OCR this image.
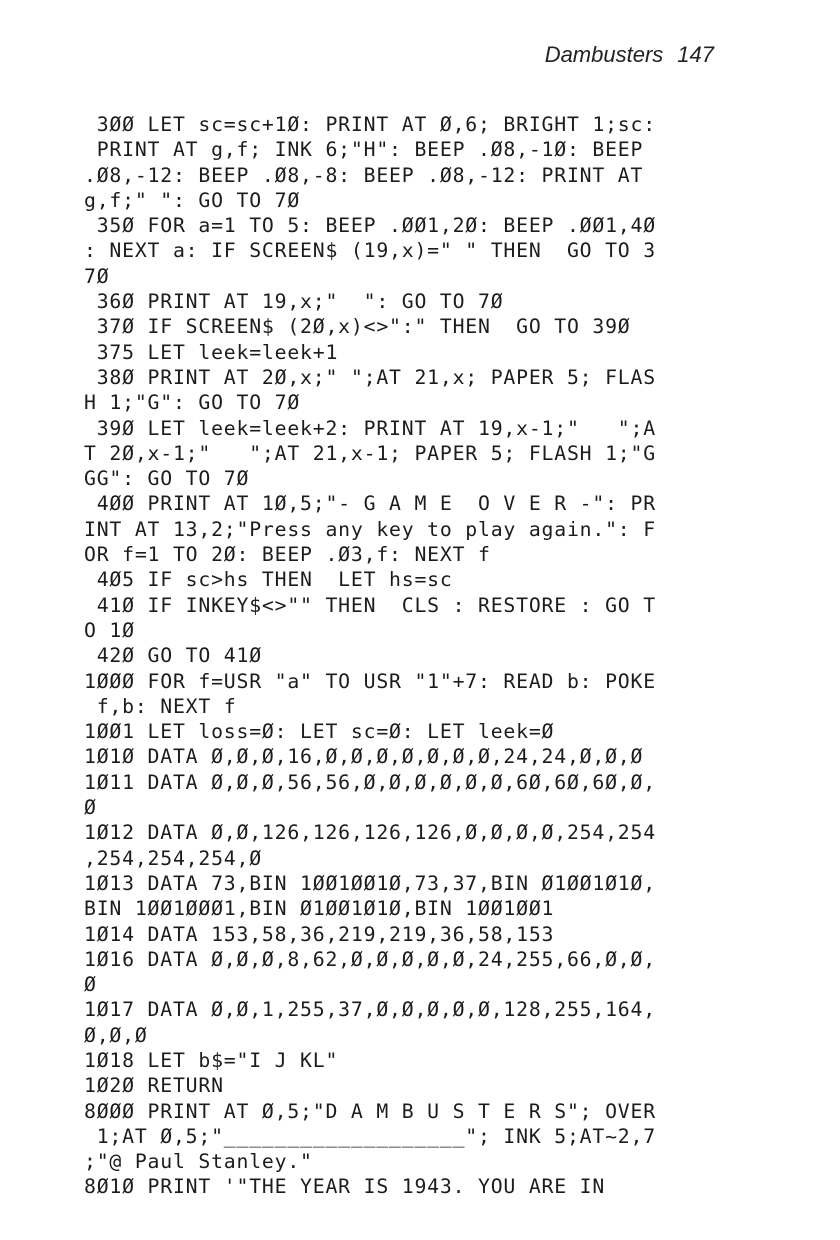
Dambusters 147
3ØØ LET sc=sc+1Ø: PRINT AT Ø,6; BRIGHT 1;sc:
PRINT AT g,f; INK 6;"H": BEEP .Ø8,-1Ø: BEEP
.Ø8,-12: BEEP .Ø8,-8: BEEP .Ø8,-12: PRINT AT
g,f;" ": GO TO 7Ø
35Ø FOR a=1 TO 5: BEEP .ØØ1,2Ø: BEEP .ØØ1,4Ø
: NEXT a: IF SCREEN$ (19,x)=" " THEN  GO TO 3
7Ø
36Ø PRINT AT 19,x;"  ": GO TO 7Ø
37Ø IF SCREEN$ (2Ø,x)<>":" THEN  GO TO 39Ø
375 LET leek=leek+1
38Ø PRINT AT 2Ø,x;" ";AT 21,x; PAPER 5; FLAS
H 1;"G": GO TO 7Ø
39Ø LET leek=leek+2: PRINT AT 19,x-1;"   ";A
T 2Ø,x-1;"   ";AT 21,x-1; PAPER 5; FLASH 1;"G
GG": GO TO 7Ø
4ØØ PRINT AT 1Ø,5;"- G A M E  O V E R -": PR
INT AT 13,2;"Press any key to play again.": F
OR f=1 TO 2Ø: BEEP .Ø3,f: NEXT f
4Ø5 IF sc>hs THEN  LET hs=sc
41Ø IF INKEY$<>"" THEN  CLS : RESTORE : GO T
O 1Ø
42Ø GO TO 41Ø
1ØØØ FOR f=USR "a" TO USR "1"+7: READ b: POKE
f,b: NEXT f
1ØØ1 LET loss=Ø: LET sc=Ø: LET leek=Ø
1Ø1Ø DATA Ø,Ø,Ø,16,Ø,Ø,Ø,Ø,Ø,Ø,Ø,24,24,Ø,Ø,Ø
1Ø11 DATA Ø,Ø,Ø,56,56,Ø,Ø,Ø,Ø,Ø,Ø,6Ø,6Ø,6Ø,Ø,
Ø
1Ø12 DATA Ø,Ø,126,126,126,126,Ø,Ø,Ø,Ø,254,254
,254,254,254,Ø
1Ø13 DATA 73,BIN 1ØØ1ØØ1Ø,73,37,BIN Ø1ØØ1Ø1Ø,
BIN 1ØØ1ØØØ1,BIN Ø1ØØ1Ø1Ø,BIN 1ØØ1ØØ1
1Ø14 DATA 153,58,36,219,219,36,58,153
1Ø16 DATA Ø,Ø,Ø,8,62,Ø,Ø,Ø,Ø,Ø,24,255,66,Ø,Ø,
Ø
1Ø17 DATA Ø,Ø,1,255,37,Ø,Ø,Ø,Ø,Ø,128,255,164,
Ø,Ø,Ø
1Ø18 LET b$="I J KL"
1Ø2Ø RETURN
8ØØØ PRINT AT Ø,5;"D A M B U S T E R S"; OVER
1;AT Ø,5;"___________________"; INK 5;AT~2,7
;"@ Paul Stanley."
8Ø1Ø PRINT '"THE YEAR IS 1943. YOU ARE IN
